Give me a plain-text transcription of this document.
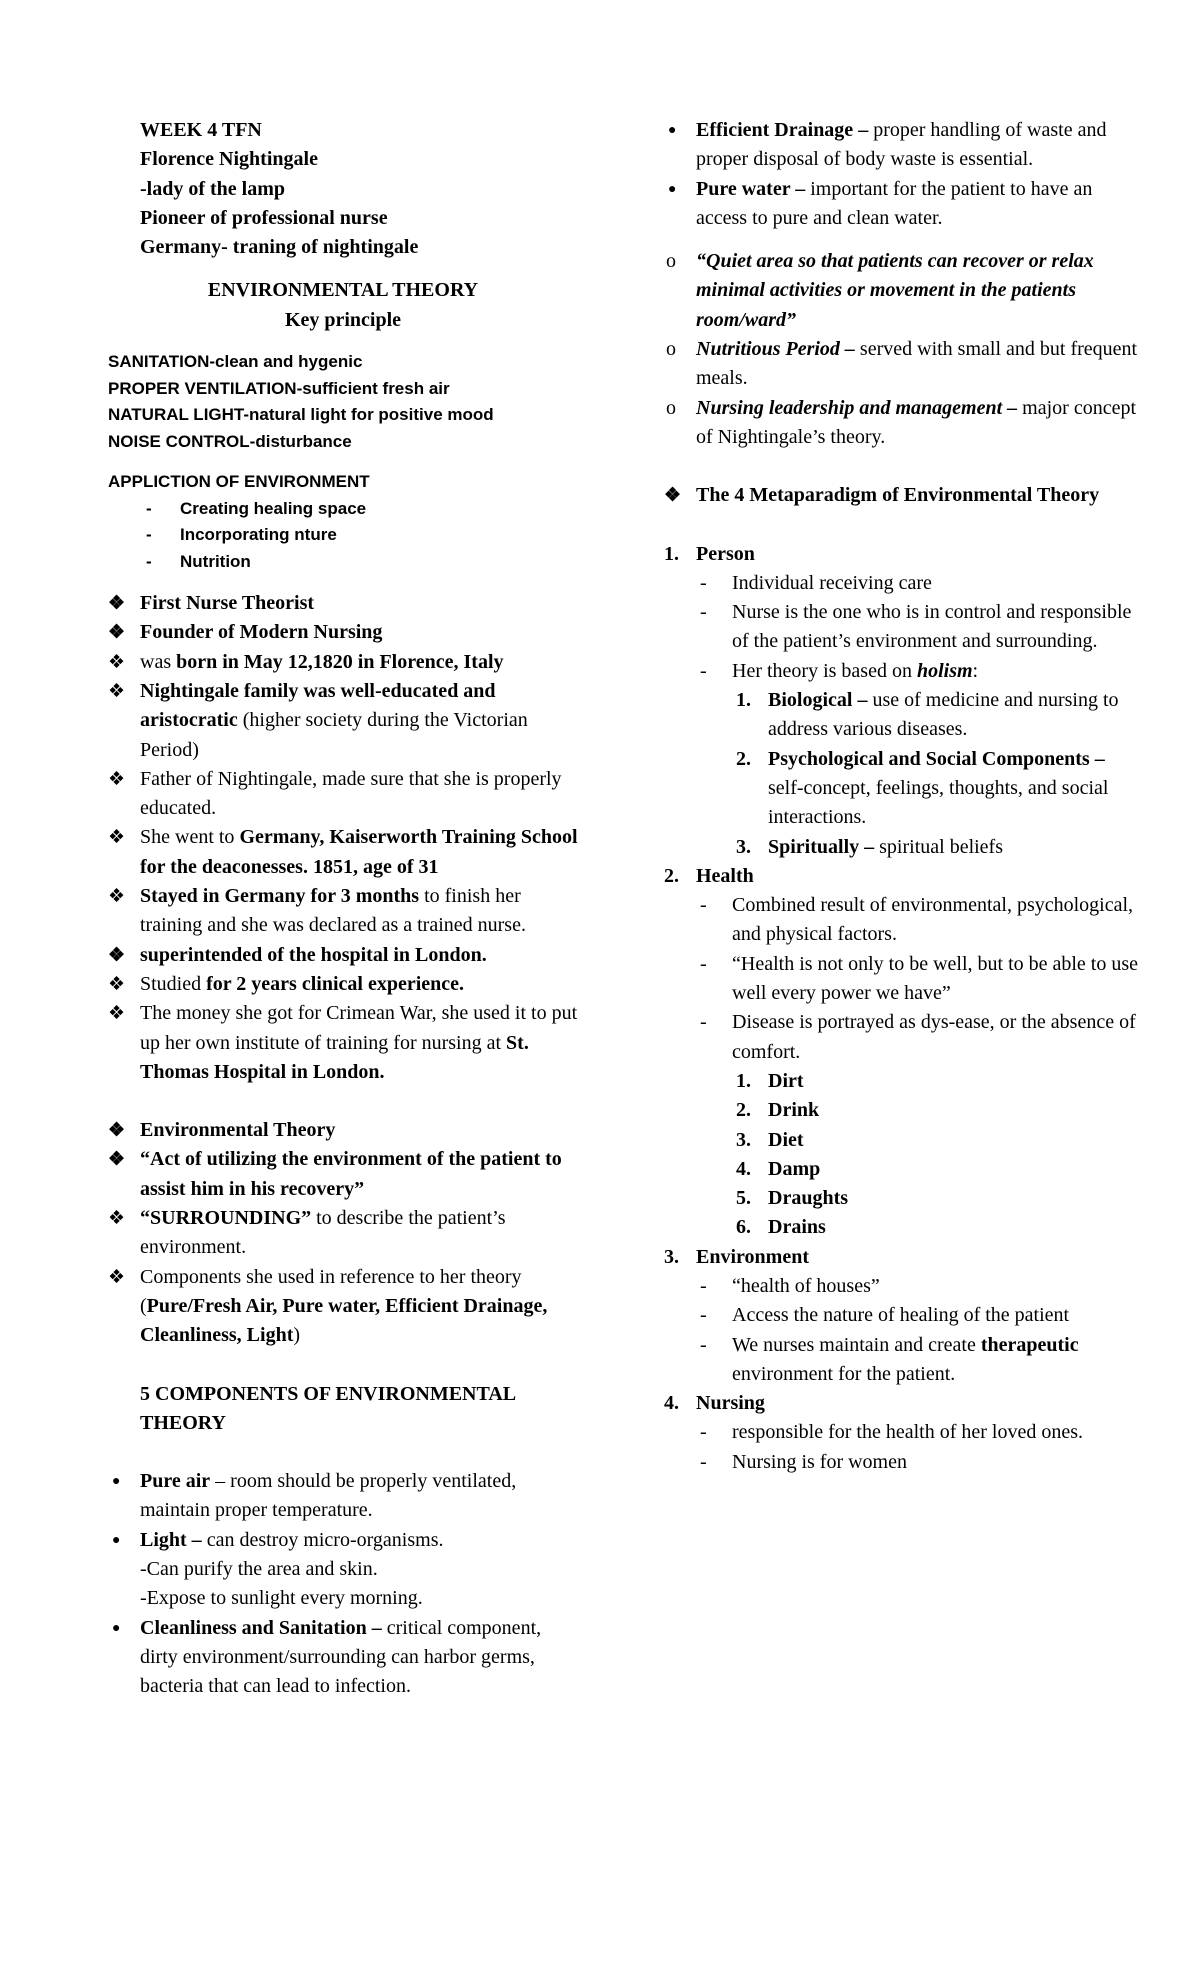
WEEK 4 TFN

Florence Nightingale

-lady of the lamp

Pioneer of professional nurse

Germany- traning of nightingale

ENVIRONMENTAL THEORY

Key principle

SANITATION-clean and hygenic

PROPER VENTILATION-sufficient fresh air

NATURAL LIGHT-natural light for positive mood

NOISE CONTROL-disturbance

APPLICTION OF ENVIRONMENT

-	Creating healing space
-	Incorporating nture
-	Nutrition
❖ First Nurse Theorist
❖ Founder of Modern Nursing
❖ was born in May 12,1820 in Florence, Italy
❖ Nightingale family was well-educated and aristocratic (higher society during the Victorian Period)
❖ Father of Nightingale, made sure that she is properly educated.
❖ She went to Germany, Kaiserworth Training School for the deaconesses. 1851, age of 31
❖ Stayed in Germany for 3 months to finish her training and she was declared as a trained nurse.
❖ superintended of the hospital in London.
❖ Studied for 2 years clinical experience.
❖ The money she got for Crimean War, she used it to put up her own institute of training for nursing at St. Thomas Hospital in London.
❖ Environmental Theory
❖ “Act of utilizing the environment of the patient to assist him in his recovery”
❖ “SURROUNDING” to describe the patient’s environment.
❖ Components she used in reference to her theory (Pure/Fresh Air, Pure water, Efficient Drainage, Cleanliness, Light)

5 COMPONENTS OF ENVIRONMENTAL THEORY

● Pure air – room should be properly ventilated, maintain proper temperature.
● Light – can destroy micro-organisms.
-Can purify the area and skin.
-Expose to sunlight every morning.
● Cleanliness and Sanitation – critical component, dirty environment/surrounding can harbor germs, bacteria that can lead to infection.
● Efficient Drainage – proper handling of waste and proper disposal of body waste is essential.
● Pure water – important for the patient to have an access to pure and clean water.
o	“Quiet area so that patients can recover or relax minimal activities or movement in the patients room/ward”
o	Nutritious Period – served with small and but frequent meals.
o	Nursing leadership and management – major concept of Nightingale’s theory.
❖ The 4 Metaparadigm of Environmental Theory
1. Person
-	Individual receiving care
-	Nurse is the one who is in control and responsible of the patient’s environment and surrounding.
-	Her theory is based on holism:
1. Biological – use of medicine and nursing to address various diseases.
2. Psychological and Social Components – self-concept, feelings, thoughts, and social interactions.
3. Spiritually – spiritual beliefs
2. Health
-	Combined result of environmental, psychological, and physical factors.
-	“Health is not only to be well, but to be able to use well every power we have”
-	Disease is portrayed as dys-ease, or the absence of comfort.
1. Dirt
2. Drink
3. Diet
4. Damp
5. Draughts
6. Drains
3. Environment
-	“health of houses”
-	Access the nature of healing of the patient
-	We nurses maintain and create therapeutic environment for the patient.
4. Nursing
-	responsible for the health of her loved ones.
-	Nursing is for women
